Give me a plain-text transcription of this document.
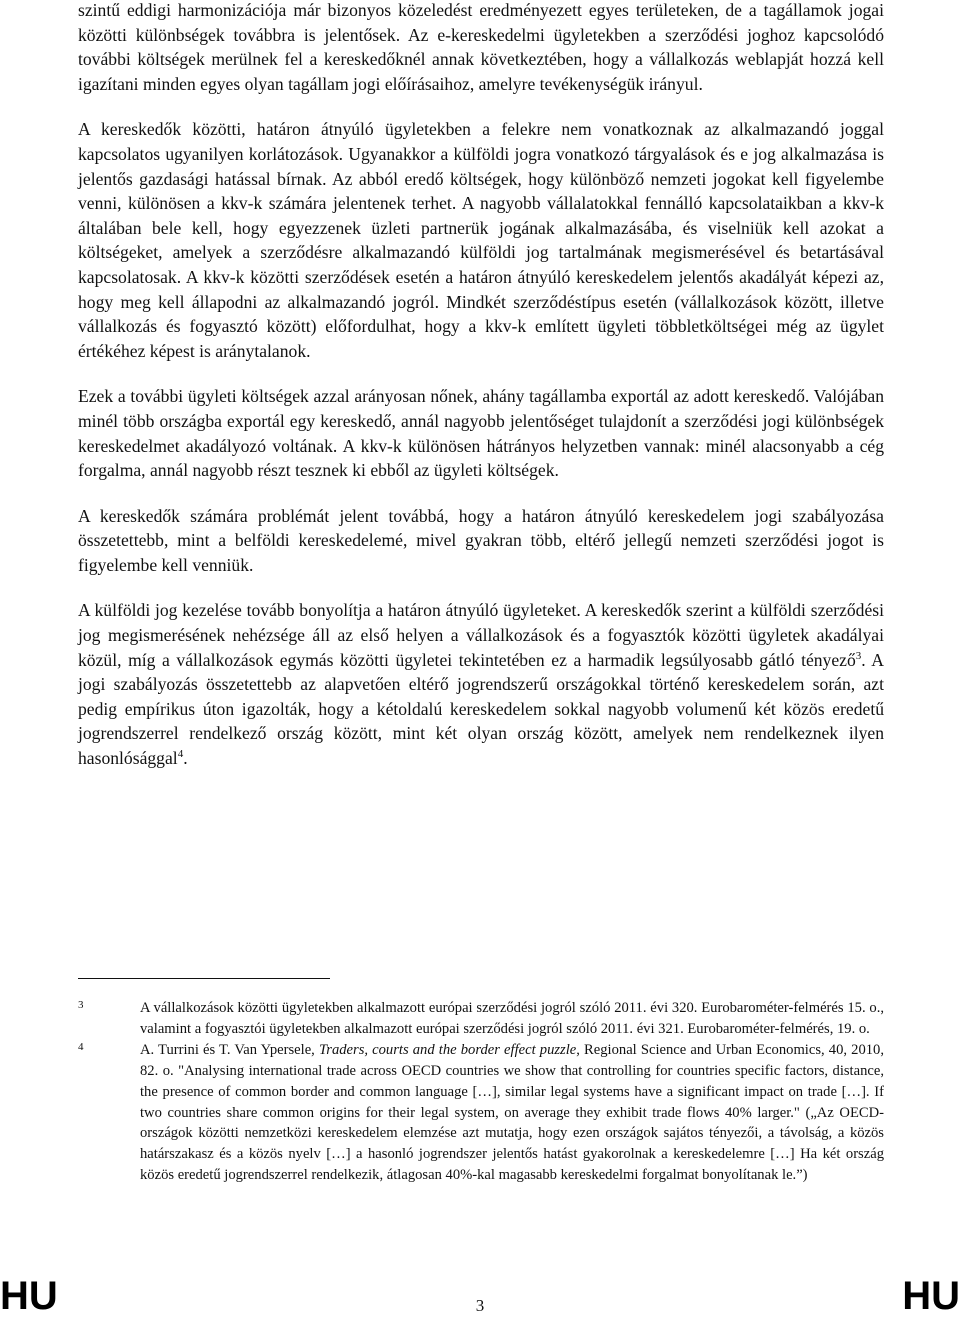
szintű eddigi harmonizációja már bizonyos közeledést eredményezett egyes területeken, de a tagállamok jogai közötti különbségek továbbra is jelentősek. Az e-kereskedelmi ügyletekben a szerződési joghoz kapcsolódó további költségek merülnek fel a kereskedőknél annak következtében, hogy a vállalkozás weblapját hozzá kell igazítani minden egyes olyan tagállam jogi előírásaihoz, amelyre tevékenységük irányul.

A kereskedők közötti, határon átnyúló ügyletekben a felekre nem vonatkoznak az alkalmazandó joggal kapcsolatos ugyanilyen korlátozások. Ugyanakkor a külföldi jogra vonatkozó tárgyalások és e jog alkalmazása is jelentős gazdasági hatással bírnak. Az abból eredő költségek, hogy különböző nemzeti jogokat kell figyelembe venni, különösen a kkv-k számára jelentenek terhet. A nagyobb vállalatokkal fennálló kapcsolataikban a kkv-k általában bele kell, hogy egyezzenek üzleti partnerük jogának alkalmazásába, és viselniük kell azokat a költségeket, amelyek a szerződésre alkalmazandó külföldi jog tartalmának megismerésével és betartásával kapcsolatosak. A kkv-k közötti szerződések esetén a határon átnyúló kereskedelem jelentős akadályát képezi az, hogy meg kell állapodni az alkalmazandó jogról. Mindkét szerződéstípus esetén (vállalkozások között, illetve vállalkozás és fogyasztó között) előfordulhat, hogy a kkv-k említett ügyleti többletköltségei még az ügylet értékéhez képest is aránytalanok.

Ezek a további ügyleti költségek azzal arányosan nőnek, ahány tagállamba exportál az adott kereskedő. Valójában minél több országba exportál egy kereskedő, annál nagyobb jelentőséget tulajdonít a szerződési jogi különbségek kereskedelmet akadályozó voltának. A kkv-k különösen hátrányos helyzetben vannak: minél alacsonyabb a cég forgalma, annál nagyobb részt tesznek ki ebből az ügyleti költségek.

A kereskedők számára problémát jelent továbbá, hogy a határon átnyúló kereskedelem jogi szabályozása összetettebb, mint a belföldi kereskedelemé, mivel gyakran több, eltérő jellegű nemzeti szerződési jogot is figyelembe kell venniük.

A külföldi jog kezelése tovább bonyolítja a határon átnyúló ügyleteket. A kereskedők szerint a külföldi szerződési jog megismerésének nehézsége áll az első helyen a vállalkozások és a fogyasztók közötti ügyletek akadályai közül, míg a vállalkozások egymás közötti ügyletei tekintetében ez a harmadik legsúlyosabb gátló tényező$^3$. A jogi szabályozás összetettebb az alapvetően eltérő jogrendszerű országokkal történő kereskedelem során, azt pedig empírikus úton igazolták, hogy a kétoldalú kereskedelem sokkal nagyobb volumenű két közös eredetű jogrendszerrel rendelkező ország között, mint két olyan ország között, amelyek nem rendelkeznek ilyen hasonlósággal$^4$.

3	A vállalkozások közötti ügyletekben alkalmazott európai szerződési jogról szóló 2011. évi 320. Eurobarométer-felmérés 15. o., valamint a fogyasztói ügyletekben alkalmazott európai szerződési jogról szóló 2011. évi 321. Eurobarométer-felmérés, 19. o.
4	A. Turrini és T. Van Ypersele, Traders, courts and the border effect puzzle, Regional Science and Urban Economics, 40, 2010, 82. o. "Analysing international trade across OECD countries we show that controlling for countries specific factors, distance, the presence of common border and common language […], similar legal systems have a significant impact on trade […]. If two countries share common origins for their legal system, on average they exhibit trade flows 40% larger." („Az OECD-országok közötti nemzetközi kereskedelem elemzése azt mutatja, hogy ezen országok sajátos tényezői, a távolság, a közös határszakasz és a közös nyelv […] a hasonló jogrendszer jelentős hatást gyakorolnak a kereskedelemre […] Ha két ország közös eredetű jogrendszerrel rendelkezik, átlagosan 40%-kal magasabb kereskedelmi forgalmat bonyolítanak le.”)
HU	3	HU
